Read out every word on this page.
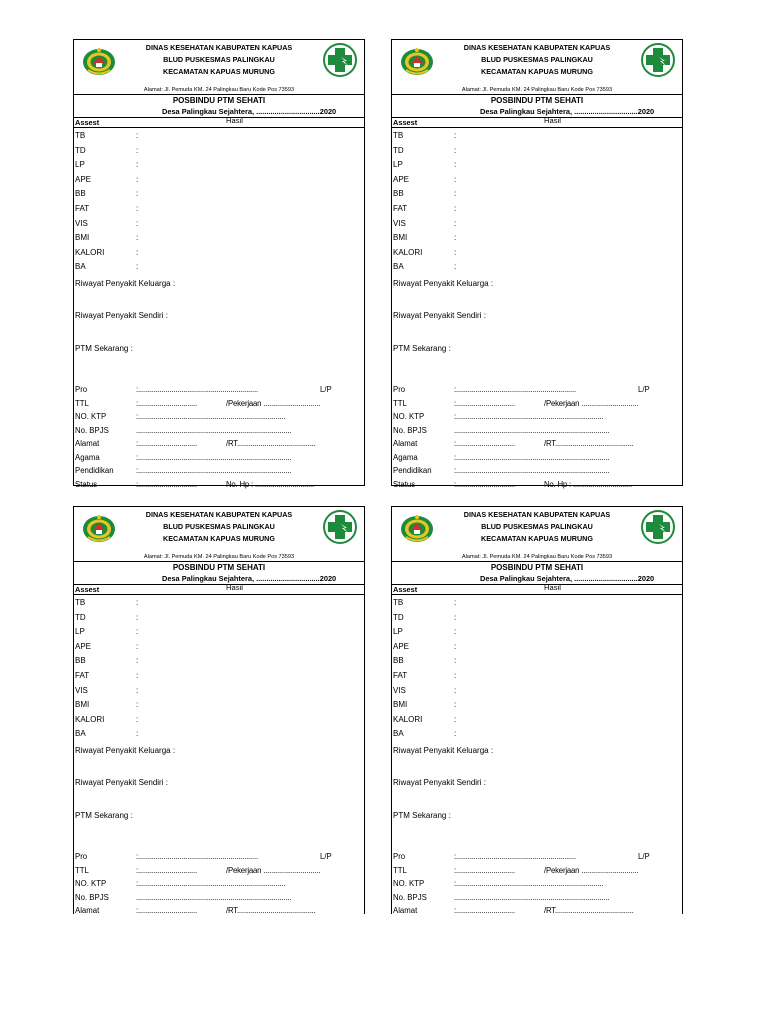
DINAS KESEHATAN KABUPATEN KAPUAS
BLUD PUSKESMAS PALINGKAU
KECAMATAN KAPUAS MURUNG
Alamat: Jl. Pemuda KM. 24 Palingkau Baru Kode Pos 73593
POSBINDU PTM SEHATI
Desa Palingkau Sejahtera, ...............................2020
Assest	Hasil
TB	:
TD	:
LP	:
APE	:
BB	:
FAT	:
VIS	:
BMI	:
KALORI	:
BA	:
Riwayat Penyakit Keluarga :
Riwayat Penyakit Sendiri :
PTM Sekarang :
Pro	:.............................................................	L/P
TTL	:..............................	/Pekerjaan .............................
NO. KTP	:...........................................................................
No. BPJS	...............................................................................
Alamat	:..............................	/RT........................................
Agama	:..............................................................................
Pendidikan	:..............................................................................
Status	:..............................	No. Hp : ..............................
DINAS KESEHATAN KABUPATEN KAPUAS
BLUD PUSKESMAS PALINGKAU
KECAMATAN KAPUAS MURUNG
Alamat: Jl. Pemuda KM. 24 Palingkau Baru Kode Pos 73593
POSBINDU PTM SEHATI
Desa Palingkau Sejahtera, ...............................2020
Assest	Hasil
TB	:
TD	:
LP	:
APE	:
BB	:
FAT	:
VIS	:
BMI	:
KALORI	:
BA	:
Riwayat Penyakit Keluarga :
Riwayat Penyakit Sendiri :
PTM Sekarang :
Pro	:.............................................................	L/P
TTL	:..............................	/Pekerjaan .............................
NO. KTP	:...........................................................................
No. BPJS	...............................................................................
Alamat	:..............................	/RT........................................
Agama	:..............................................................................
Pendidikan	:..............................................................................
Status	:..............................	No. Hp : ..............................
DINAS KESEHATAN KABUPATEN KAPUAS
BLUD PUSKESMAS PALINGKAU
KECAMATAN KAPUAS MURUNG
Alamat: Jl. Pemuda KM. 24 Palingkau Baru Kode Pos 73593
POSBINDU PTM SEHATI
Desa Palingkau Sejahtera, ...............................2020
Assest	Hasil
TB	:
TD	:
LP	:
APE	:
BB	:
FAT	:
VIS	:
BMI	:
KALORI	:
BA	:
Riwayat Penyakit Keluarga :
Riwayat Penyakit Sendiri :
PTM Sekarang :
Pro	:.............................................................	L/P
TTL	:..............................	/Pekerjaan .............................
NO. KTP	:...........................................................................
No. BPJS	...............................................................................
Alamat	:..............................	/RT........................................
DINAS KESEHATAN KABUPATEN KAPUAS
BLUD PUSKESMAS PALINGKAU
KECAMATAN KAPUAS MURUNG
Alamat: Jl. Pemuda KM. 24 Palingkau Baru Kode Pos 73593
POSBINDU PTM SEHATI
Desa Palingkau Sejahtera, ...............................2020
Assest	Hasil
TB	:
TD	:
LP	:
APE	:
BB	:
FAT	:
VIS	:
BMI	:
KALORI	:
BA	:
Riwayat Penyakit Keluarga :
Riwayat Penyakit Sendiri :
PTM Sekarang :
Pro	:.............................................................	L/P
TTL	:..............................	/Pekerjaan .............................
NO. KTP	:...........................................................................
No. BPJS	...............................................................................
Alamat	:..............................	/RT........................................
